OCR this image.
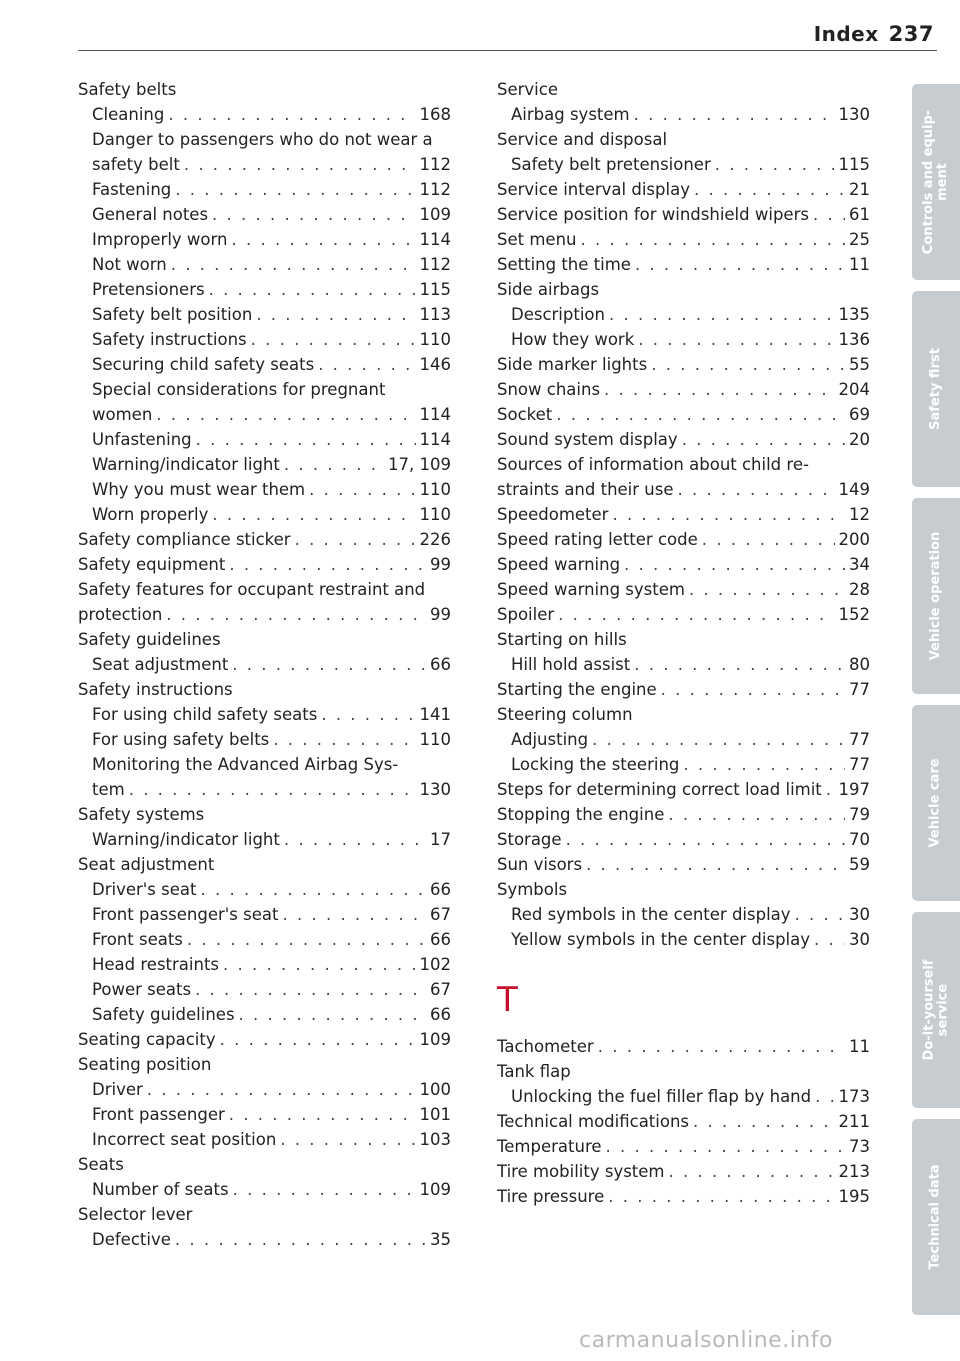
Index 237
Safety belts
Cleaning . . .	168
Danger to passengers who do not wear a
safety belt . . .	112
Fastening . . .	112
General notes . . .	109
Improperly worn . . .	114
Not worn . . .	112
Pretensioners . . .	115
Safety belt position . . .	113
Safety instructions . . .	110
Securing child safety seats . . .	146
Special considerations for pregnant
women . . .	114
Unfastening . . .	114
Warning/indicator light . . .	17, 109
Why you must wear them . . .	110
Worn properly . . .	110
Safety compliance sticker . . .	226
Safety equipment . . .	99
Safety features for occupant restraint and
protection . . .	99
Safety guidelines
Seat adjustment . . .	66
Safety instructions
For using child safety seats . . .	141
For using safety belts . . .	110
Monitoring the Advanced Airbag Sys-
tem . . .	130
Safety systems
Warning/indicator light . . .	17
Seat adjustment
Driver's seat . . .	66
Front passenger's seat . . .	67
Front seats . . .	66
Head restraints . . .	102
Power seats . . .	67
Safety guidelines . . .	66
Seating capacity . . .	109
Seating position
Driver . . .	100
Front passenger . . .	101
Incorrect seat position . . .	103
Seats
Number of seats . . .	109
Selector lever
Defective . . .	35
Service
Airbag system . . .	130
Service and disposal
Safety belt pretensioner . . .	115
Service interval display . . .	21
Service position for windshield wipers . . . 61
Set menu . . .	25
Setting the time . . .	11
Side airbags
Description . . .	135
How they work . . .	136
Side marker lights . . .	55
Snow chains . . .	204
Socket . . .	69
Sound system display . . .	20
Sources of information about child re-
straints and their use . . .	149
Speedometer . . .	12
Speed rating letter code . . .	200
Speed warning . . .	34
Speed warning system . . .	28
Spoiler . . .	152
Starting on hills
Hill hold assist . . .	80
Starting the engine . . .	77
Steering column
Adjusting . . .	77
Locking the steering . . .	77
Steps for determining correct load limit . . . 197
Stopping the engine . . .	79
Storage . . .	70
Sun visors . . .	59
Symbols
Red symbols in the center display . . .	30
Yellow symbols in the center display . . . 30
T
Tachometer . . .	11
Tank flap
Unlocking the fuel filler flap by hand . . . 173
Technical modifications . . .	211
Temperature . . .	73
Tire mobility system . . .	213
Tire pressure . . .	195
Controls and equip-
ment
Safety first
Vehicle operation
Vehicle care
Do-it-yourself
service
Technical data
carmanualsonline.info
